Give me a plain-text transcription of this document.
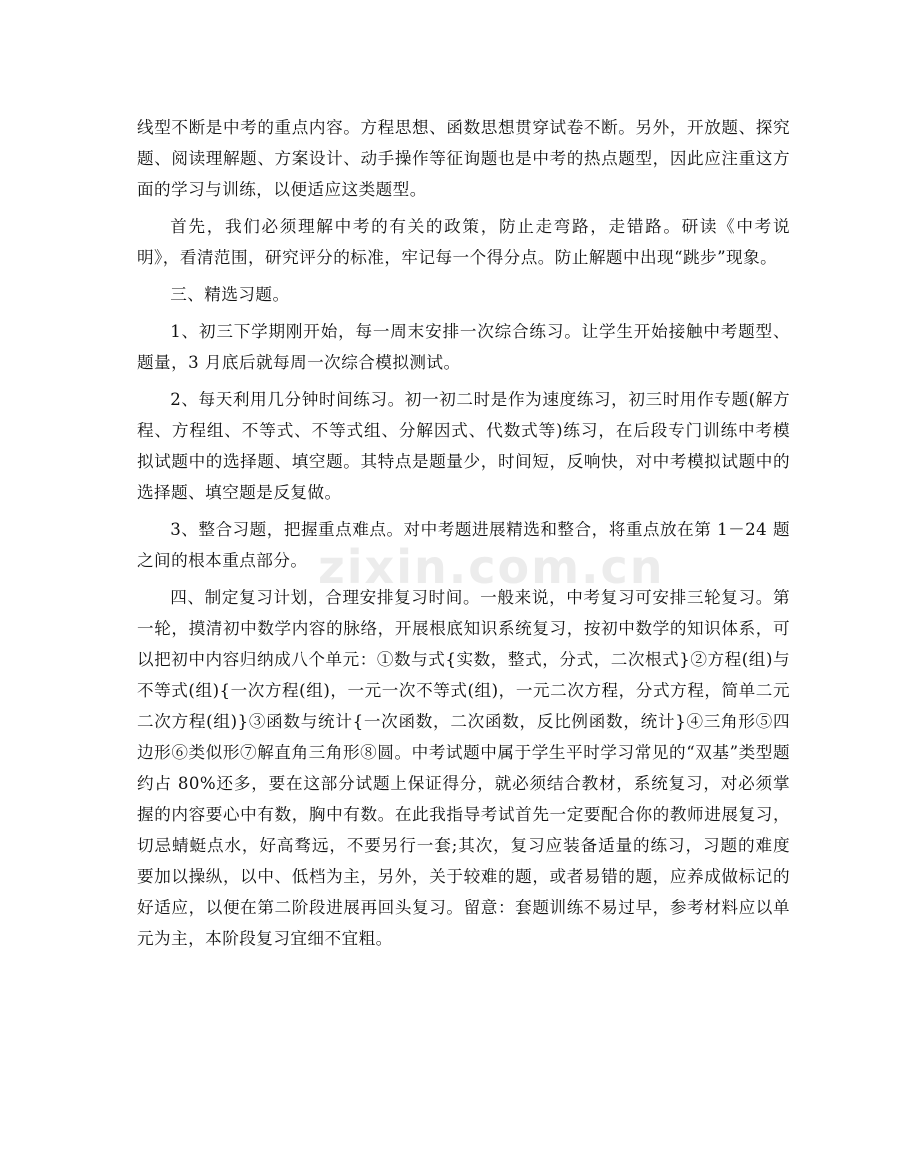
线型不断是中考的重点内容。方程思想、函数思想贯穿试卷不断。另外，开放题、探究题、阅读理解题、方案设计、动手操作等征询题也是中考的热点题型，因此应注重这方面的学习与训练，以便适应这类题型。

首先，我们必须理解中考的有关的政策，防止走弯路，走错路。研读《中考说明》，看清范围，研究评分的标准，牢记每一个得分点。防止解题中出现“跳步”现象。

三、精选习题。

1、初三下学期刚开始，每一周末安排一次综合练习。让学生开始接触中考题型、题量，3 月底后就每周一次综合模拟测试。

2、每天利用几分钟时间练习。初一初二时是作为速度练习，初三时用作专题(解方程、方程组、不等式、不等式组、分解因式、代数式等)练习，在后段专门训练中考模拟试题中的选择题、填空题。其特点是题量少，时间短，反响快，对中考模拟试题中的选择题、填空题是反复做。

3、整合习题，把握重点难点。对中考题进展精选和整合，将重点放在第 1－24 题之间的根本重点部分。

四、制定复习计划，合理安排复习时间。一般来说，中考复习可安排三轮复习。第一轮，摸清初中数学内容的脉络，开展根底知识系统复习，按初中数学的知识体系，可以把初中内容归纳成八个单元：①数与式{实数，整式，分式，二次根式}②方程(组)与不等式(组){一次方程(组)，一元一次不等式(组)，一元二次方程，分式方程，简单二元二次方程(组)}③函数与统计{一次函数，二次函数，反比例函数，统计}④三角形⑤四边形⑥类似形⑦解直角三角形⑧圆。中考试题中属于学生平时学习常见的“双基”类型题约占 80%还多，要在这部分试题上保证得分，就必须结合教材，系统复习，对必须掌握的内容要心中有数，胸中有数。在此我指导考试首先一定要配合你的教师进展复习，切忌蜻蜓点水，好高骛远，不要另行一套;其次，复习应装备适量的练习，习题的难度要加以操纵，以中、低档为主，另外，关于较难的题，或者易错的题，应养成做标记的好适应，以便在第二阶段进展再回头复习。留意：套题训练不易过早，参考材料应以单元为主，本阶段复习宜细不宜粗。

zixin.com.cn
